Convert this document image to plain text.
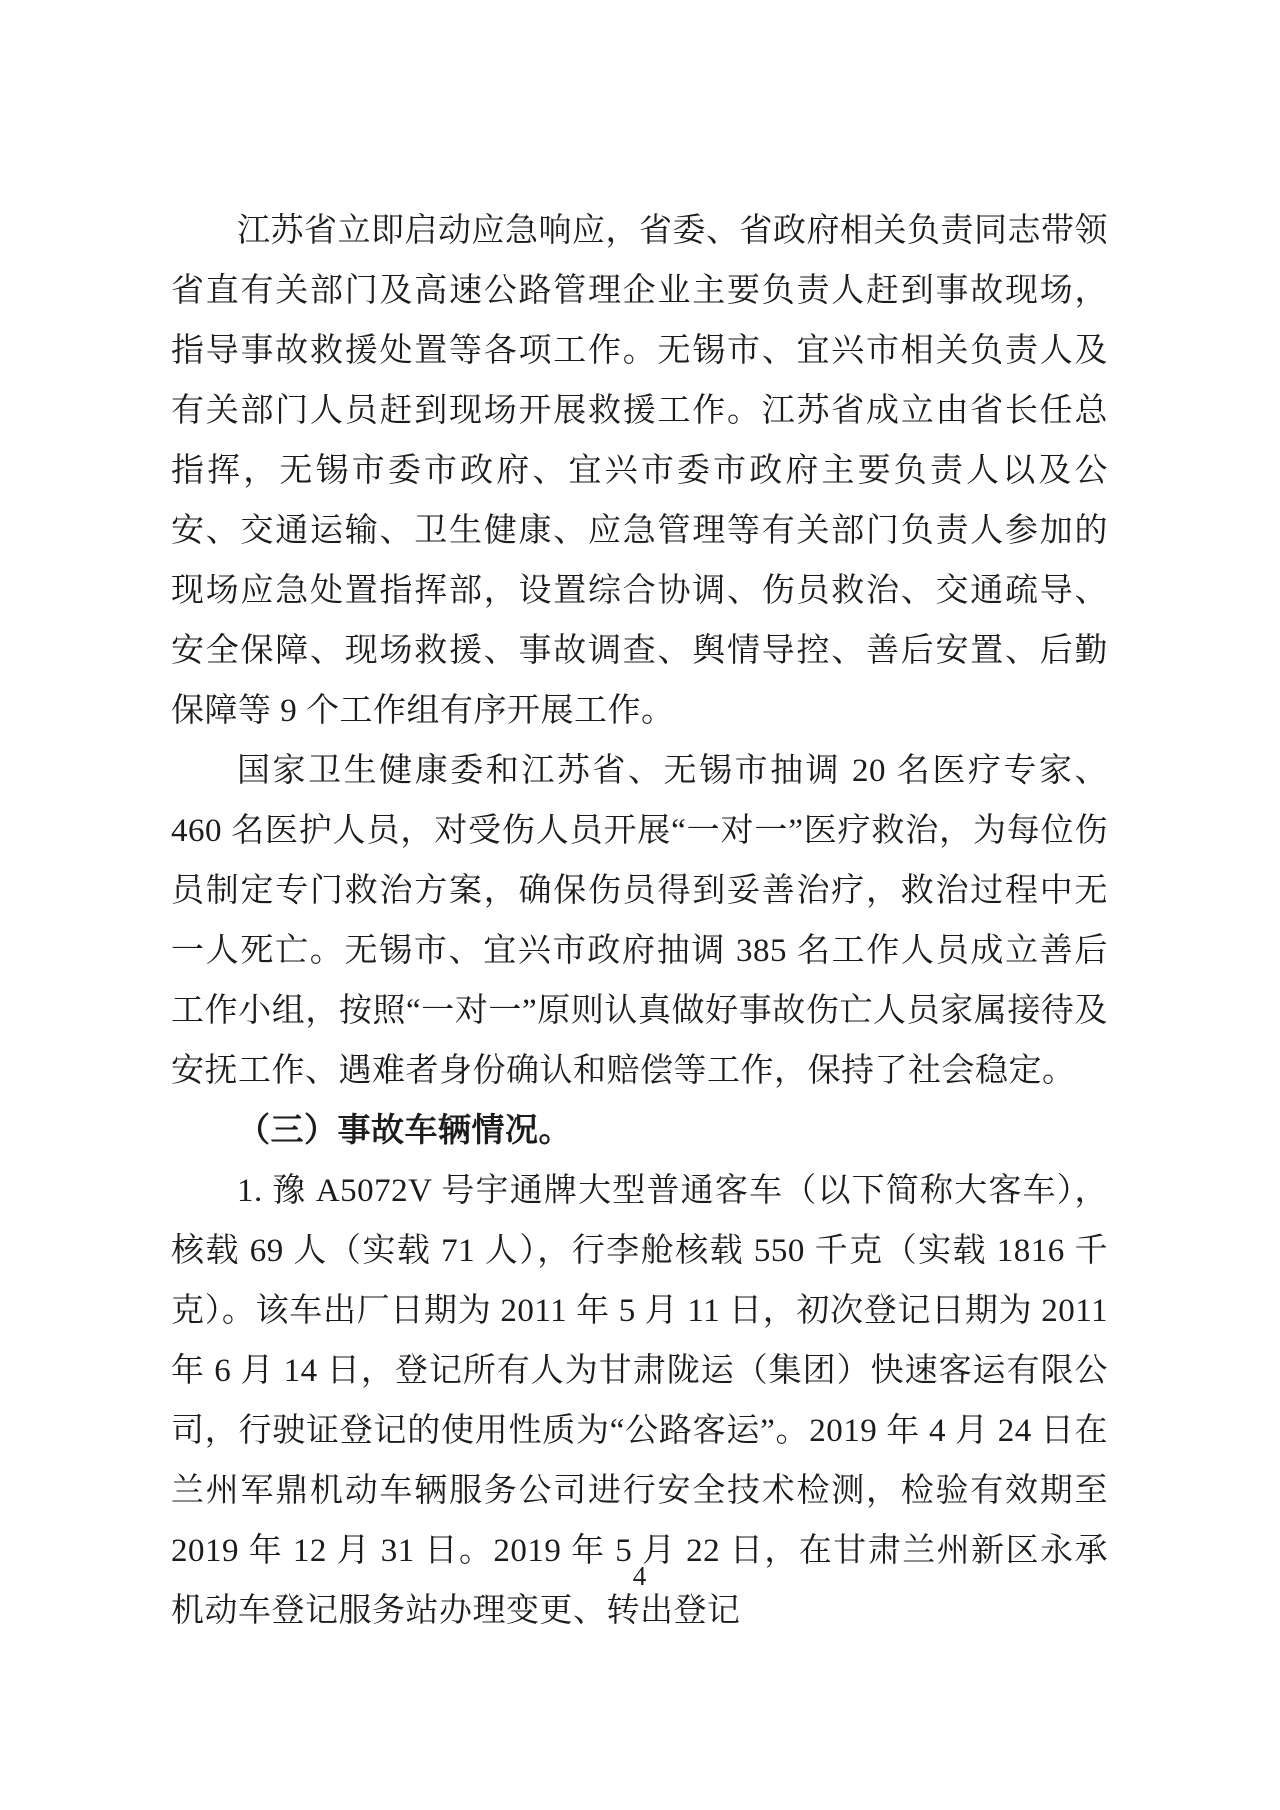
江苏省立即启动应急响应，省委、省政府相关负责同志带领省直有关部门及高速公路管理企业主要负责人赶到事故现场，指导事故救援处置等各项工作。无锡市、宜兴市相关负责人及有关部门人员赶到现场开展救援工作。江苏省成立由省长任总指挥，无锡市委市政府、宜兴市委市政府主要负责人以及公安、交通运输、卫生健康、应急管理等有关部门负责人参加的现场应急处置指挥部，设置综合协调、伤员救治、交通疏导、安全保障、现场救援、事故调查、舆情导控、善后安置、后勤保障等 9 个工作组有序开展工作。

国家卫生健康委和江苏省、无锡市抽调 20 名医疗专家、460 名医护人员，对受伤人员开展“一对一”医疗救治，为每位伤员制定专门救治方案，确保伤员得到妥善治疗，救治过程中无一人死亡。无锡市、宜兴市政府抽调 385 名工作人员成立善后工作小组，按照“一对一”原则认真做好事故伤亡人员家属接待及安抚工作、遇难者身份确认和赔偿等工作，保持了社会稳定。

（三）事故车辆情况。

1. 豫 A5072V 号宇通牌大型普通客车（以下简称大客车），核载 69 人（实载 71 人），行李舱核载 550 千克（实载 1816 千克）。该车出厂日期为 2011 年 5 月 11 日，初次登记日期为 2011 年 6 月 14 日，登记所有人为甘肃陇运（集团）快速客运有限公司，行驶证登记的使用性质为“公路客运”。2019 年 4 月 24 日在兰州军鼎机动车辆服务公司进行安全技术检测，检验有效期至 2019 年 12 月 31 日。2019 年 5 月 22 日，在甘肃兰州新区永承机动车登记服务站办理变更、转出登记

4
